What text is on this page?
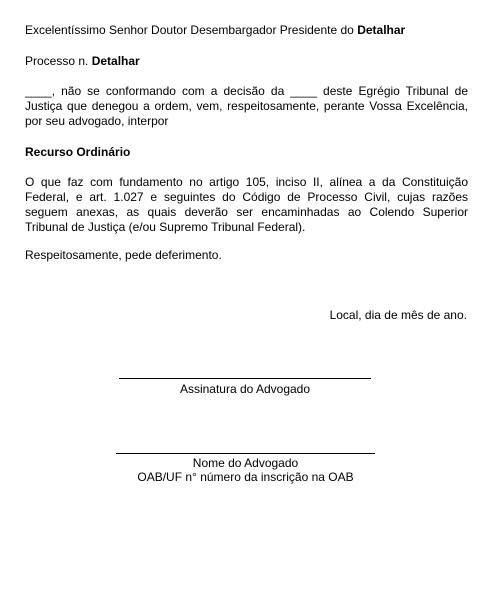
Excelentíssimo Senhor Doutor Desembargador Presidente do Detalhar
Processo n. Detalhar
____, não se conformando com a decisão da ____ deste Egrégio Tribunal de Justiça que denegou a ordem, vem, respeitosamente, perante Vossa Excelência, por seu advogado, interpor
Recurso Ordinário
O que faz com fundamento no artigo 105, inciso II, alínea a da Constituição Federal, e art. 1.027 e seguintes do Código de Processo Civil, cujas razões seguem anexas, as quais deverão ser encaminhadas ao Colendo Superior Tribunal de Justiça (e/ou Supremo Tribunal Federal).
Respeitosamente, pede deferimento.
Local, dia de mês de ano.
Assinatura do Advogado
Nome do Advogado
OAB/UF n° número da inscrição na OAB
